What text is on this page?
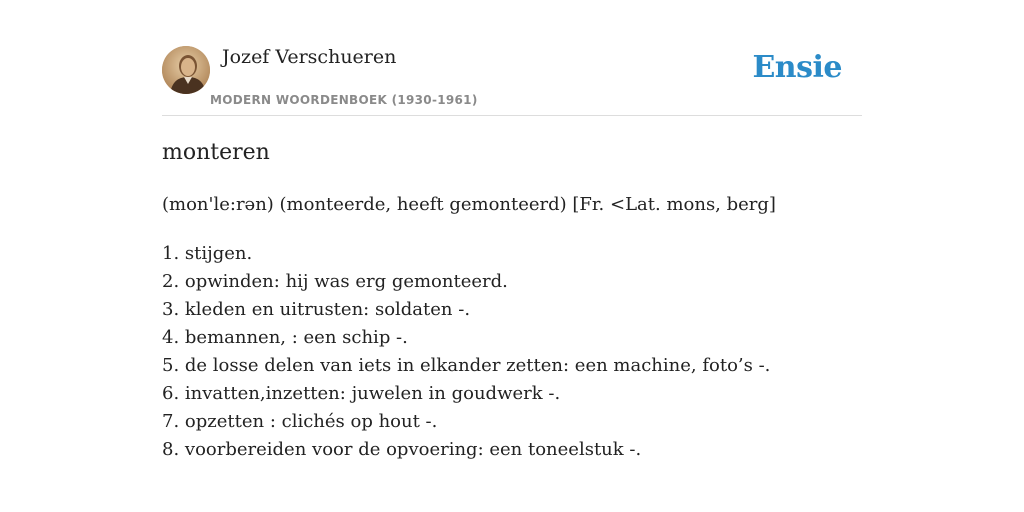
Jozef Verschueren
MODERN WOORDENBOEK (1930-1961)
Ensie
monteren
(mon'le:rən) (monteerde, heeft gemonteerd) [Fr. <Lat. mons, berg]
1. stijgen.
2. opwinden: hij was erg gemonteerd.
3. kleden en uitrusten: soldaten -.
4. bemannen, : een schip -.
5. de losse delen van iets in elkander zetten: een machine, foto’s -.
6. invatten,inzetten: juwelen in goudwerk -.
7. opzetten : clichés op hout -.
8. voorbereiden voor de opvoering: een toneelstuk -.
